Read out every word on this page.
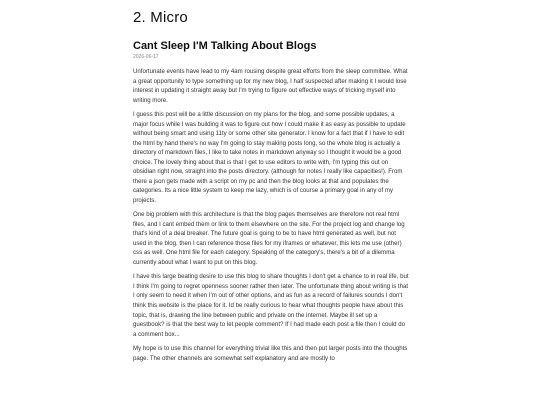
2. Micro
Cant Sleep I'M Talking About Blogs
2026-06-17

Unfortunate events have lead to my 4am rousing despite great efforts from the sleep committee. What a great opportunity to type something up for my new blog, I half suspected after making it I would lose interest in updating it straight away but I'm trying to figure out effective ways of tricking myself into writing more.

I guess this post will be a little discussion on my plans for the blog, and some possible updates, a major focus while I was building it was to figure out how I could make it as easy as possible to update without being smart and using 11ty or some other site generator. I know for a fact that if I have to edit the html by hand there's no way I'm going to stay making posts long, so the whole blog is actually a directory of markdown files, I like to take notes in markdown anyway so I thought it would be a good choice. The lovely thing about that is that I get to use editors to write with, I'm typing this out on obsidian right now, straight into the posts directory. (although for notes I really like capacities!). From there a json gets made with a script on my pc and then the blog looks at that and populates the categories. Its a nice little system to keep me lazy, which is of course a primary goal in any of my projects.

One big problem with this architecture is that the blog pages themselves are therefore not real html files, and I cant embed them or link to them elsewhere on the site. For the project log and change log that's kind of a deal breaker. The future goal is going to be to have html generated as well, but not used in the blog. then I can reference those files for my iframes or whatever, this lets me use (other) css as well. One html file for each category. Speaking of the category's, there's a bit of a dilemma currently about what I want to put on this blog.

I have this large beating desire to use this blog to share thoughts I don't get a chance to in real life, but I think I'm going to regret openness sooner rather then later. The unfortunate thing about writing is that I only seem to need it when I'm out of other options, and as fun as a record of failures sounds I don't think this website is the place for it. Id be really curious to hear what thoughts people have about this topic, that is, drawing the line between public and private on the internet. Maybe ill set up a guestbook? is that the best way to let people comment? If I had made each post a file then I could do a comment box...

My hope is to use this channel for everything trivial like this and then put larger posts into the thoughts page. The other channels are somewhat self explanatory and are mostly to
